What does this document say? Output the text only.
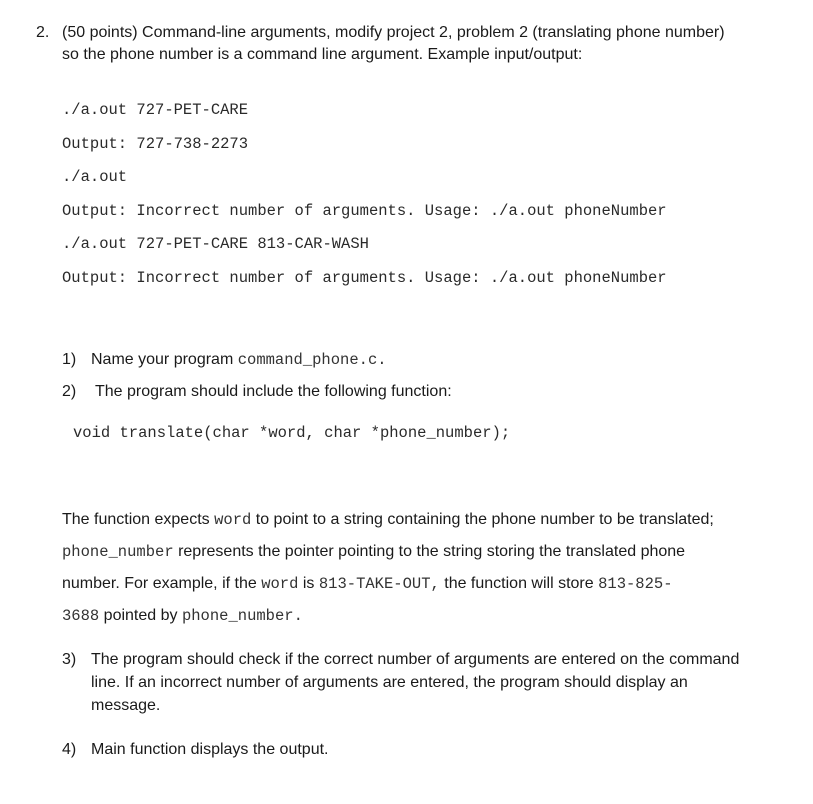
2. (50 points) Command-line arguments, modify project 2, problem 2 (translating phone number)
so the phone number is a command line argument. Example input/output:
./a.out 727-PET-CARE
Output: 727-738-2273
./a.out
Output: Incorrect number of arguments. Usage: ./a.out phoneNumber
./a.out 727-PET-CARE 813-CAR-WASH
Output: Incorrect number of arguments. Usage: ./a.out phoneNumber
1) Name your program command_phone.c.
2) The program should include the following function:
void translate(char *word, char *phone_number);
The function expects word to point to a string containing the phone number to be translated;
phone_number represents the pointer pointing to the string storing the translated phone
number. For example, if the word is 813-TAKE-OUT, the function will store 813-825-
3688 pointed by phone_number.
3) The program should check if the correct number of arguments are entered on the command
line. If an incorrect number of arguments are entered, the program should display an
message.
4) Main function displays the output.
